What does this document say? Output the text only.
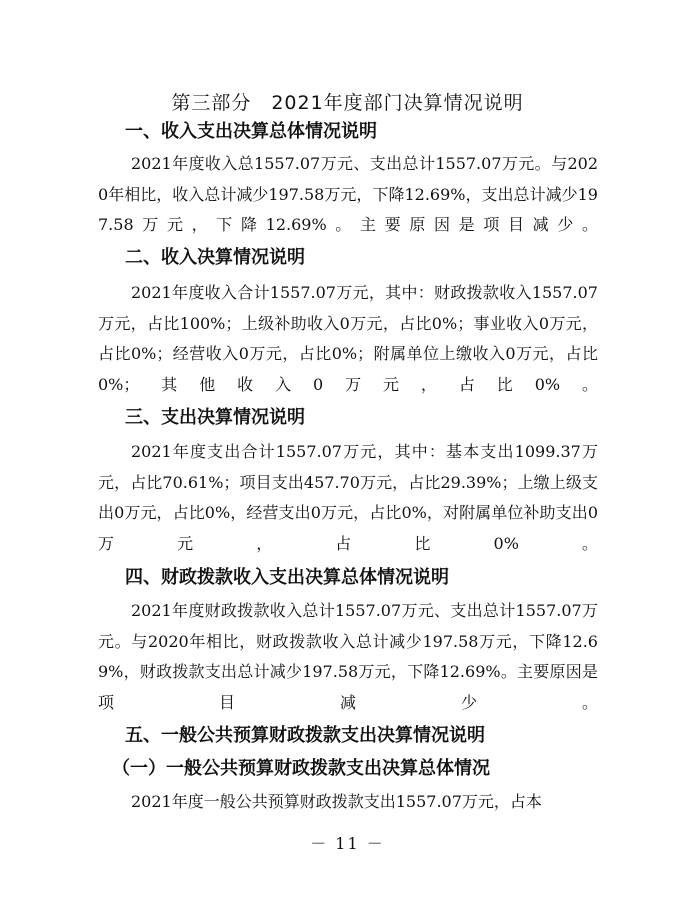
第三部分　2021年度部门决算情况说明
一、收入支出决算总体情况说明
2021年度收入总1557.07万元、支出总计1557.07万元。与2020年相比，收入总计减少197.58万元，下降12.69%，支出总计减少197.58万元，下降12.69%。主要原因是项目减少。
二、收入决算情况说明
2021年度收入合计1557.07万元，其中：财政拨款收入1557.07万元，占比100%；上级补助收入0万元，占比0%；事业收入0万元，占比0%；经营收入0万元，占比0%；附属单位上缴收入0万元，占比0%；其他收入0万元，占比0%。
三、支出决算情况说明
2021年度支出合计1557.07万元，其中：基本支出1099.37万元，占比70.61%；项目支出457.70万元，占比29.39%；上缴上级支出0万元，占比0%，经营支出0万元，占比0%，对附属单位补助支出0万元，占比0%。
四、财政拨款收入支出决算总体情况说明
2021年度财政拨款收入总计1557.07万元、支出总计1557.07万元。与2020年相比，财政拨款收入总计减少197.58万元，下降12.69%，财政拨款支出总计减少197.58万元，下降12.69%。主要原因是项目减少。
五、一般公共预算财政拨款支出决算情况说明
（一）一般公共预算财政拨款支出决算总体情况
2021年度一般公共预算财政拨款支出1557.07万元，占本
－ 11 －
